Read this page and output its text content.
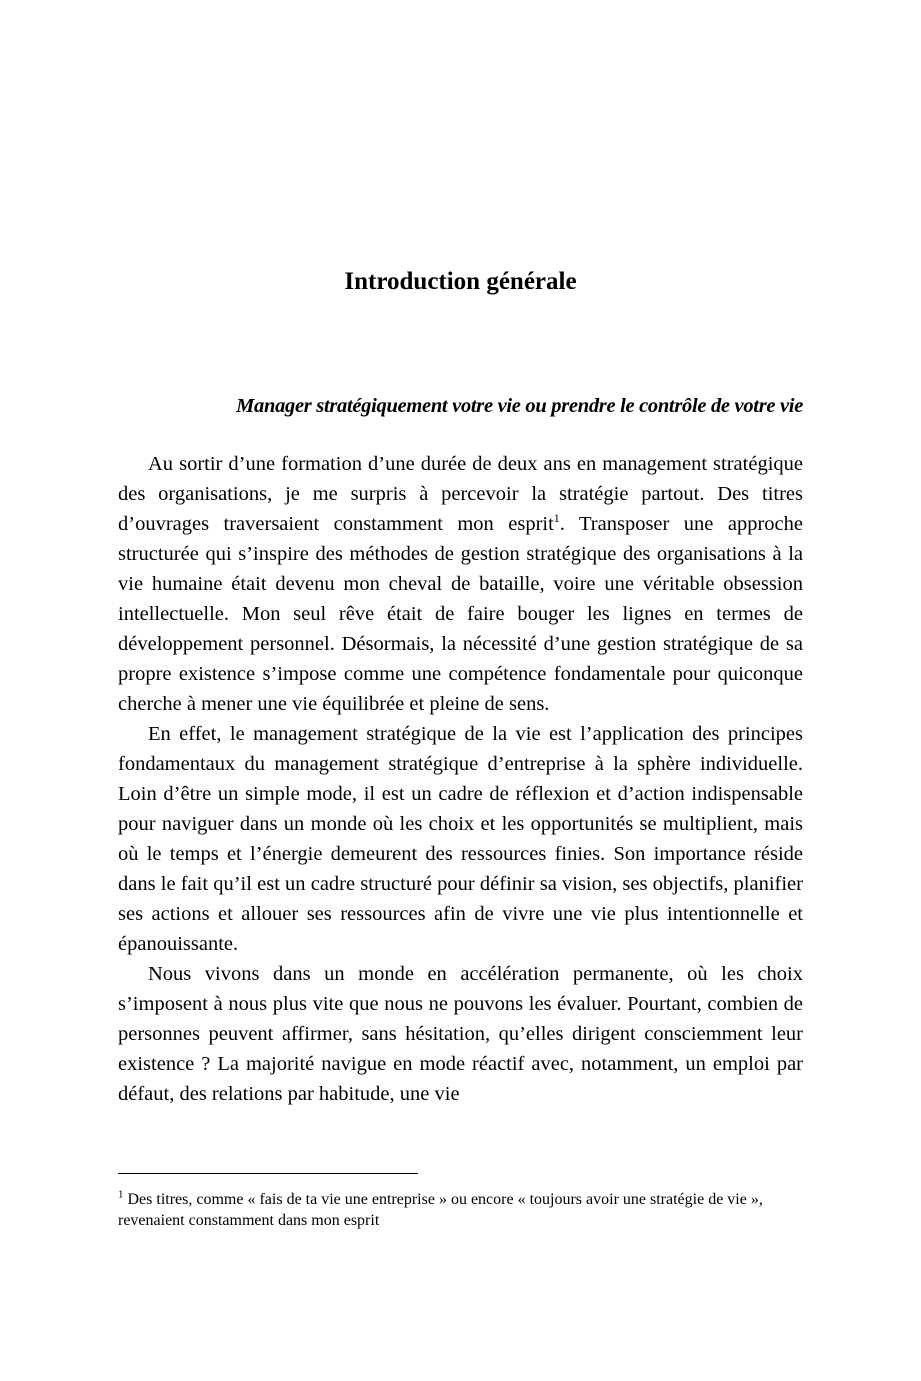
Introduction générale
Manager stratégiquement votre vie ou prendre le contrôle de votre vie

Au sortir d’une formation d’une durée de deux ans en management stratégique des organisations, je me surpris à percevoir la stratégie partout. Des titres d’ouvrages traversaient constamment mon esprit$^1$. Transposer une approche structurée qui s’inspire des méthodes de gestion stratégique des organisations à la vie humaine était devenu mon cheval de bataille, voire une véritable obsession intellectuelle. Mon seul rêve était de faire bouger les lignes en termes de développement personnel. Désormais, la nécessité d’une gestion stratégique de sa propre existence s’impose comme une compétence fondamentale pour quiconque cherche à mener une vie équilibrée et pleine de sens.

En effet, le management stratégique de la vie est l’application des principes fondamentaux du management stratégique d’entreprise à la sphère individuelle. Loin d’être un simple mode, il est un cadre de réflexion et d’action indispensable pour naviguer dans un monde où les choix et les opportunités se multiplient, mais où le temps et l’énergie demeurent des ressources finies. Son importance réside dans le fait qu’il est un cadre structuré pour définir sa vision, ses objectifs, planifier ses actions et allouer ses ressources afin de vivre une vie plus intentionnelle et épanouissante.

Nous vivons dans un monde en accélération permanente, où les choix s’imposent à nous plus vite que nous ne pouvons les évaluer. Pourtant, combien de personnes peuvent affirmer, sans hésitation, qu’elles dirigent consciemment leur existence ? La majorité navigue en mode réactif avec, notamment, un emploi par défaut, des relations par habitude, une vie

$^1$ Des titres, comme « fais de ta vie une entreprise » ou encore « toujours avoir une stratégie de vie », revenaient constamment dans mon esprit
